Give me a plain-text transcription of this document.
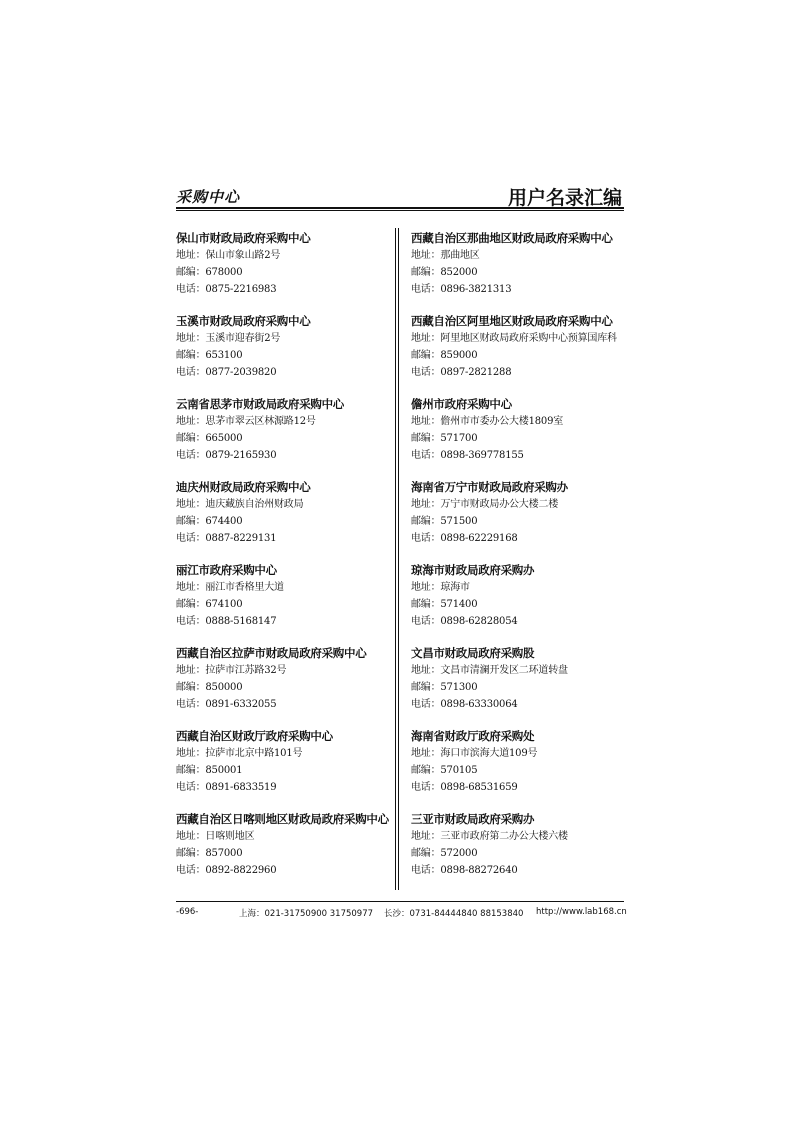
采购中心	用户名录汇编
保山市财政局政府采购中心
地址：保山市象山路2号
邮编：678000
电话：0875-2216983
玉溪市财政局政府采购中心
地址：玉溪市迎春街2号
邮编：653100
电话：0877-2039820
云南省思茅市财政局政府采购中心
地址：思茅市翠云区林源路12号
邮编：665000
电话：0879-2165930
迪庆州财政局政府采购中心
地址：迪庆藏族自治州财政局
邮编：674400
电话：0887-8229131
丽江市政府采购中心
地址：丽江市香格里大道
邮编：674100
电话：0888-5168147
西藏自治区拉萨市财政局政府采购中心
地址：拉萨市江苏路32号
邮编：850000
电话：0891-6332055
西藏自治区财政厅政府采购中心
地址：拉萨市北京中路101号
邮编：850001
电话：0891-6833519
西藏自治区日喀则地区财政局政府采购中心
地址：日喀则地区
邮编：857000
电话：0892-8822960
西藏自治区那曲地区财政局政府采购中心
地址：那曲地区
邮编：852000
电话：0896-3821313
西藏自治区阿里地区财政局政府采购中心
地址：阿里地区财政局政府采购中心预算国库科
邮编：859000
电话：0897-2821288
儋州市政府采购中心
地址：儋州市市委办公大楼1809室
邮编：571700
电话：0898-369778155
海南省万宁市财政局政府采购办
地址：万宁市财政局办公大楼二楼
邮编：571500
电话：0898-62229168
琼海市财政局政府采购办
地址：琼海市
邮编：571400
电话：0898-62828054
文昌市财政局政府采购股
地址：文昌市清澜开发区二环道转盘
邮编：571300
电话：0898-63330064
海南省财政厅政府采购处
地址：海口市滨海大道109号
邮编：570105
电话：0898-68531659
三亚市财政局政府采购办
地址：三亚市政府第二办公大楼六楼
邮编：572000
电话：0898-88272640
-696-	上海：021-31750900 31750977 长沙：0731-84444840 88153840 http://www.lab168.cn
